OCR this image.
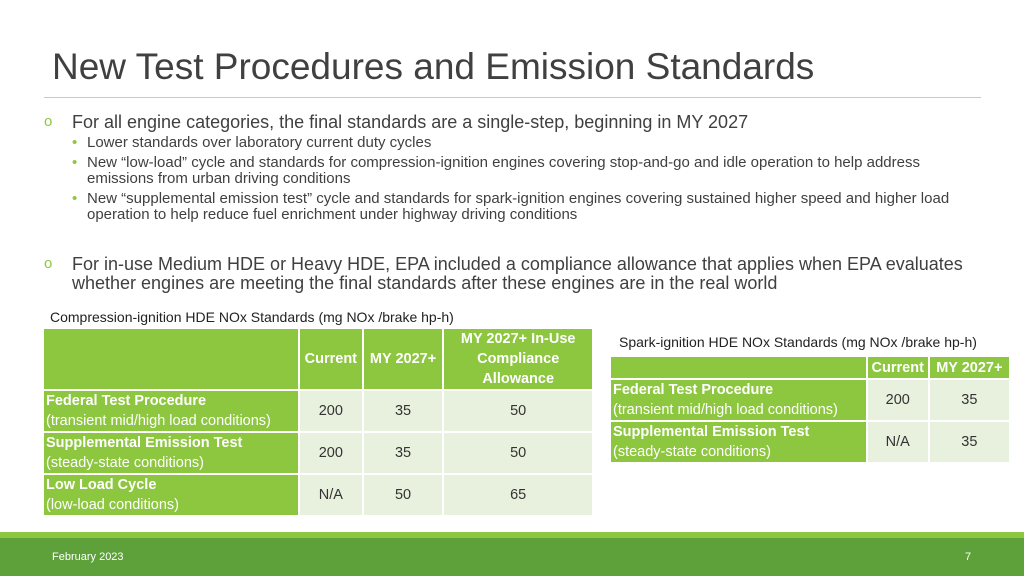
New Test Procedures and Emission Standards
o For all engine categories, the final standards are a single-step, beginning in MY 2027
• Lower standards over laboratory current duty cycles
• New “low-load” cycle and standards for compression-ignition engines covering stop-and-go and idle operation to help address emissions from urban driving conditions
• New “supplemental emission test” cycle and standards for spark-ignition engines covering sustained higher speed and higher load operation to help reduce fuel enrichment under highway driving conditions
o For in-use Medium HDE or Heavy HDE, EPA included a compliance allowance that applies when EPA evaluates whether engines are meeting the final standards after these engines are in the real world
Compression-ignition HDE NOx Standards (mg NOx /brake hp-h)
	Current	MY 2027+	MY 2027+ In-Use Compliance Allowance

Federal Test Procedure
(transient mid/high load conditions)	200	35	50

Supplemental Emission Test
(steady-state conditions)	200	35	50

Low Load Cycle
(low-load conditions)	N/A	50	65
Spark-ignition HDE NOx Standards (mg NOx /brake hp-h)
	Current	MY 2027+

Federal Test Procedure
(transient mid/high load conditions)	200	35

Supplemental Emission Test
(steady-state conditions)	N/A	35
February 2023	7
